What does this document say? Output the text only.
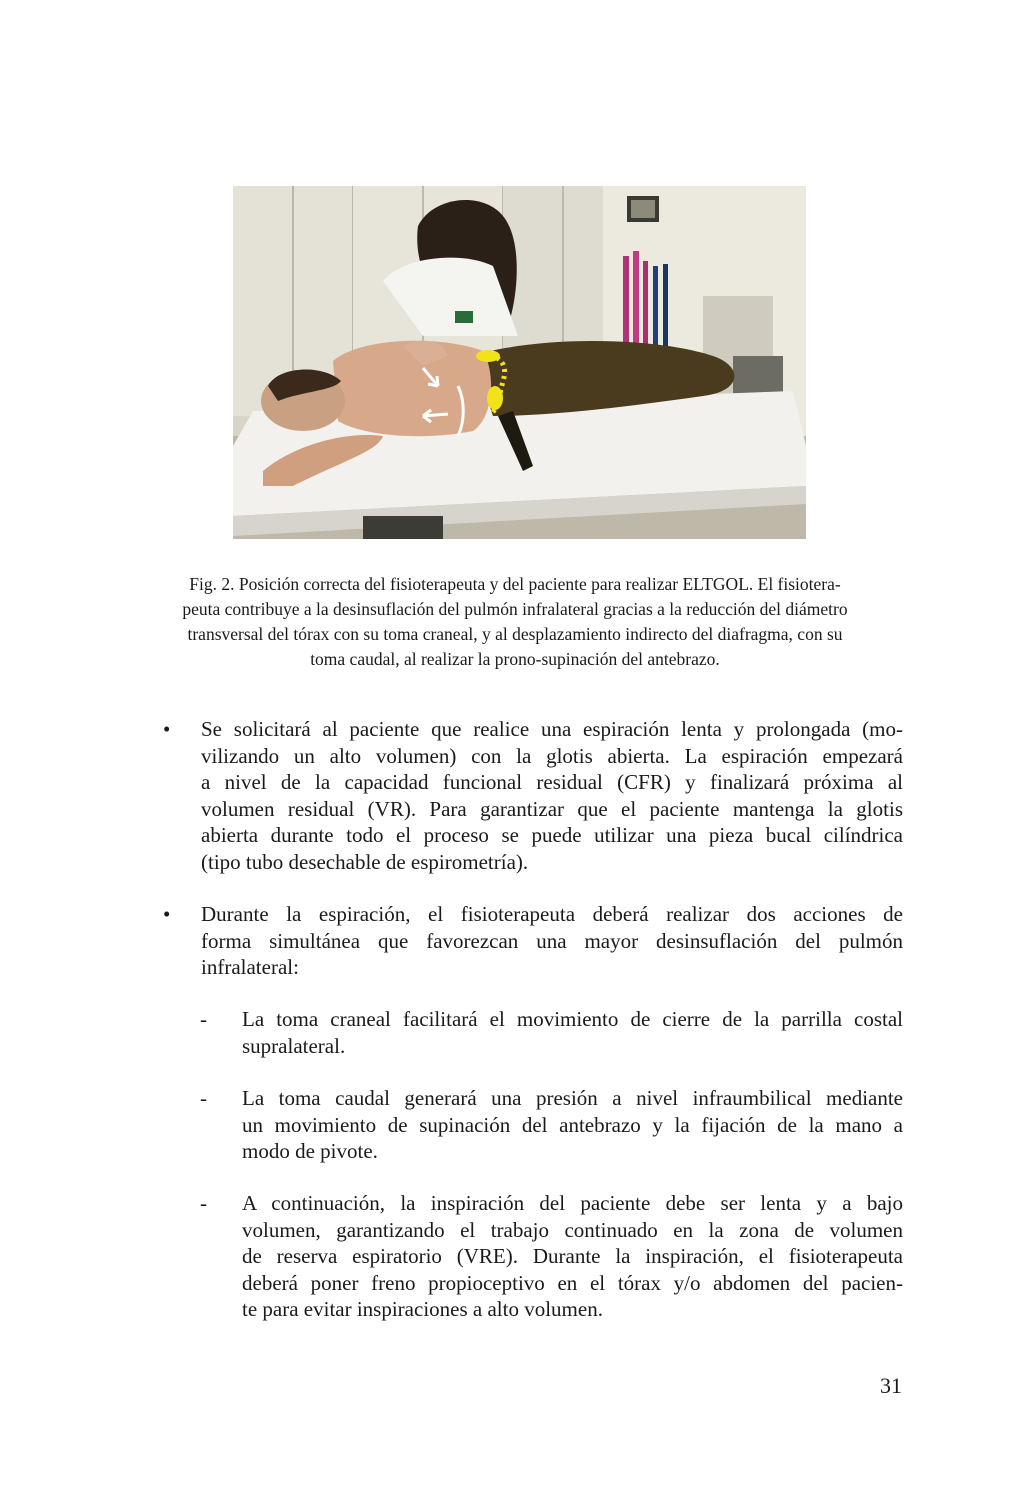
Fig. 2. Posición correcta del fisioterapeuta y del paciente para realizar ELTGOL. El fisiotera-
peuta contribuye a la desinsuflación del pulmón infralateral gracias a la reducción del diámetro
transversal del tórax con su toma craneal, y al desplazamiento indirecto del diafragma, con su
toma caudal, al realizar la prono-supinación del antebrazo.
•	Se solicitará al paciente que realice una espiración lenta y prolongada (mo-
vilizando un alto volumen) con la glotis abierta. La espiración empezará
a nivel de la capacidad funcional residual (CFR) y finalizará próxima al
volumen residual (VR). Para garantizar que el paciente mantenga la glotis
abierta durante todo el proceso se puede utilizar una pieza bucal cilíndrica
(tipo tubo desechable de espirometría).
•	Durante la espiración, el fisioterapeuta deberá realizar dos acciones de
forma simultánea que favorezcan una mayor desinsuflación del pulmón
infralateral:
- La toma craneal facilitará el movimiento de cierre de la parrilla costal
supralateral.
- La toma caudal generará una presión a nivel infraumbilical mediante
un movimiento de supinación del antebrazo y la fijación de la mano a
modo de pivote.
- A continuación, la inspiración del paciente debe ser lenta y a bajo
volumen, garantizando el trabajo continuado en la zona de volumen
de reserva espiratorio (VRE). Durante la inspiración, el fisioterapeuta
deberá poner freno propioceptivo en el tórax y/o abdomen del pacien-
te para evitar inspiraciones a alto volumen.
31
